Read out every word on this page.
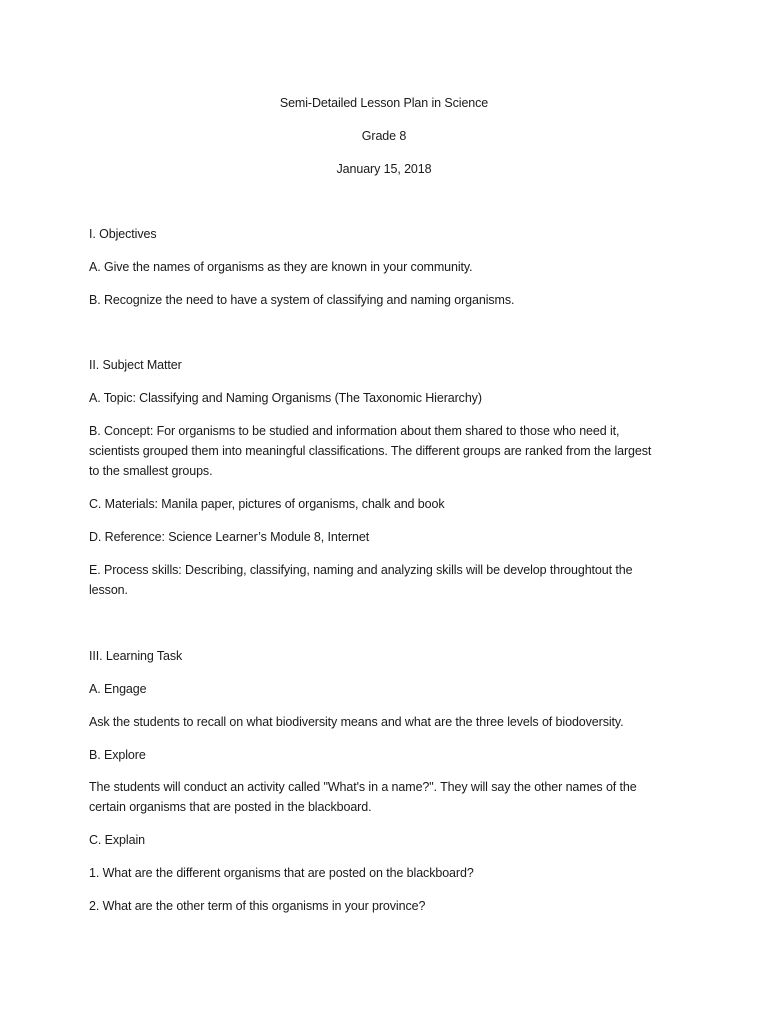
Semi-Detailed Lesson Plan in Science
Grade 8
January 15, 2018
I. Objectives
A. Give the names of organisms as they are known in your community.
B. Recognize the need to have a system of classifying and naming organisms.
II. Subject Matter
A. Topic: Classifying and Naming Organisms (The Taxonomic Hierarchy)
B. Concept: For organisms to be studied and information about them shared to those who need it,
scientists grouped them into meaningful classifications. The different groups are ranked from the largest
to the smallest groups.
C. Materials: Manila paper, pictures of organisms, chalk and book
D. Reference: Science Learner’s Module 8, Internet
E. Process skills: Describing, classifying, naming and analyzing skills will be develop throughtout the
lesson.
III. Learning Task
A. Engage
Ask the students to recall on what biodiversity means and what are the three levels of biodoversity.
B. Explore
The students will conduct an activity called "What's in a name?". They will say the other names of the
certain organisms that are posted in the blackboard.
C. Explain
1. What are the different organisms that are posted on the blackboard?
2. What are the other term of this organisms in your province?
